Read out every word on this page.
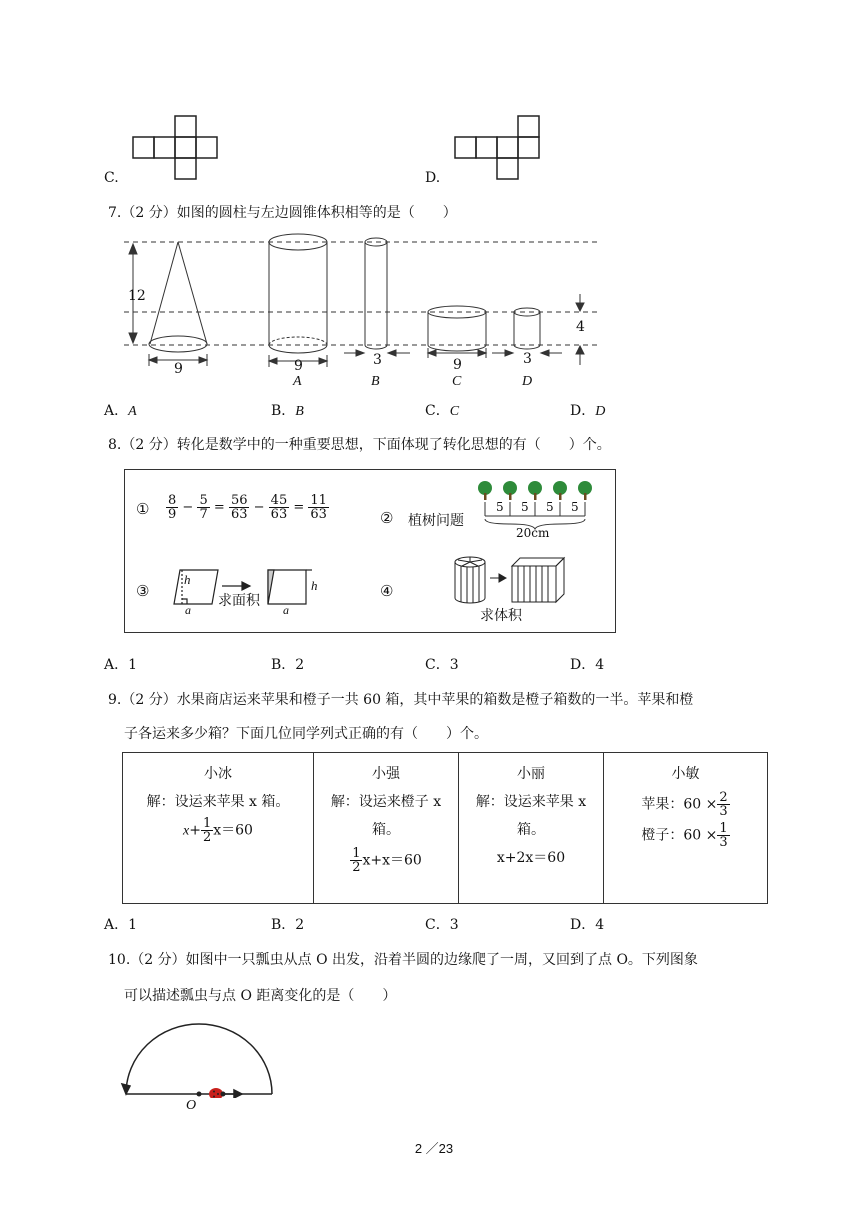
C.	D.
7.（2 分）如图的圆柱与左边圆锥体积相等的是（　　）
12
9	9
A
3
B
9
C
3
D
4
A．A	B．B	C．C	D．D
8.（2 分）转化是数学中的一种重要思想，下面体现了转化思想的有（　　）个。
① $\frac{8}{9} - \frac{5}{7} = \frac{56}{63} - \frac{45}{63} = \frac{11}{63}$	② 植树问题
5 5 5 5
20cm
③
h
求面积
h
a	a
④
求体积
A．1	B．2	C．3	D．4
9.（2 分）水果商店运来苹果和橙子一共 60 箱，其中苹果的箱数是橙子箱数的一半。苹果和橙
子各运来多少箱？下面几位同学列式正确的有（　　）个。
小冰
解：设运来苹果 x 箱。
$x+ \frac{1}{2} x=60$

小强
解：设运来橙子 x
箱。
$\frac{1}{2} x+x=60$

小丽
解：设运来苹果 x
箱。
x+2x＝60

小敏
苹果：$60 \times \frac{2}{3}$
橙子：$60 \times \frac{1}{3}$
A．1	B．2	C．3	D．4
10.（2 分）如图中一只瓢虫从点 O 出发，沿着半圆的边缘爬了一周，又回到了点 O。下列图象
可以描述瓢虫与点 O 距离变化的是（　　）
O
2 ／23
